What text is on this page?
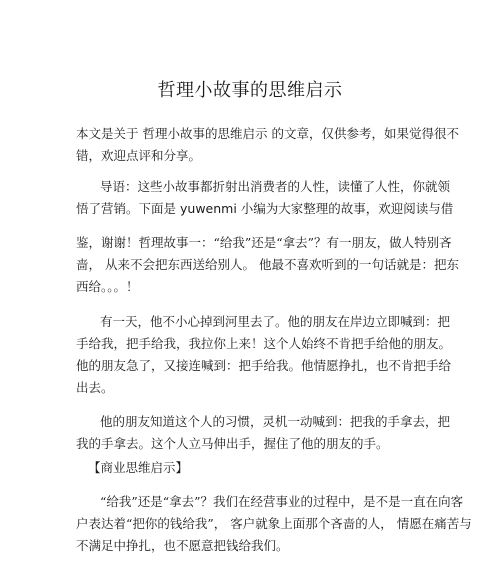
哲理小故事的思维启示
本文是关于 哲理小故事的思维启示 的文章，仅供参考，如果觉得很不
错，欢迎点评和分享。
导语：这些小故事都折射出消费者的人性，读懂了人性，你就领
悟了营销。下面是 yuwenmi 小编为大家整理的故事，欢迎阅读与借
鉴，谢谢！哲理故事一：“给我”还是“拿去”？有一朋友，做人特别吝
啬， 从来不会把东西送给别人。 他最不喜欢听到的一句话就是：把东
西给。。。！
有一天，他不小心掉到河里去了。他的朋友在岸边立即喊到：把
手给我，把手给我，我拉你上来！这个人始终不肯把手给他的朋友。
他的朋友急了，又接连喊到：把手给我。他情愿挣扎，也不肯把手给
出去。
他的朋友知道这个人的习惯，灵机一动喊到：把我的手拿去，把
我的手拿去。这个人立马伸出手，握住了他的朋友的手。
【商业思维启示】
“给我”还是“拿去”？我们在经营事业的过程中，是不是一直在向客
户表达着“把你的钱给我”， 客户就象上面那个吝啬的人， 情愿在痛苦与
不满足中挣扎，也不愿意把钱给我们。
